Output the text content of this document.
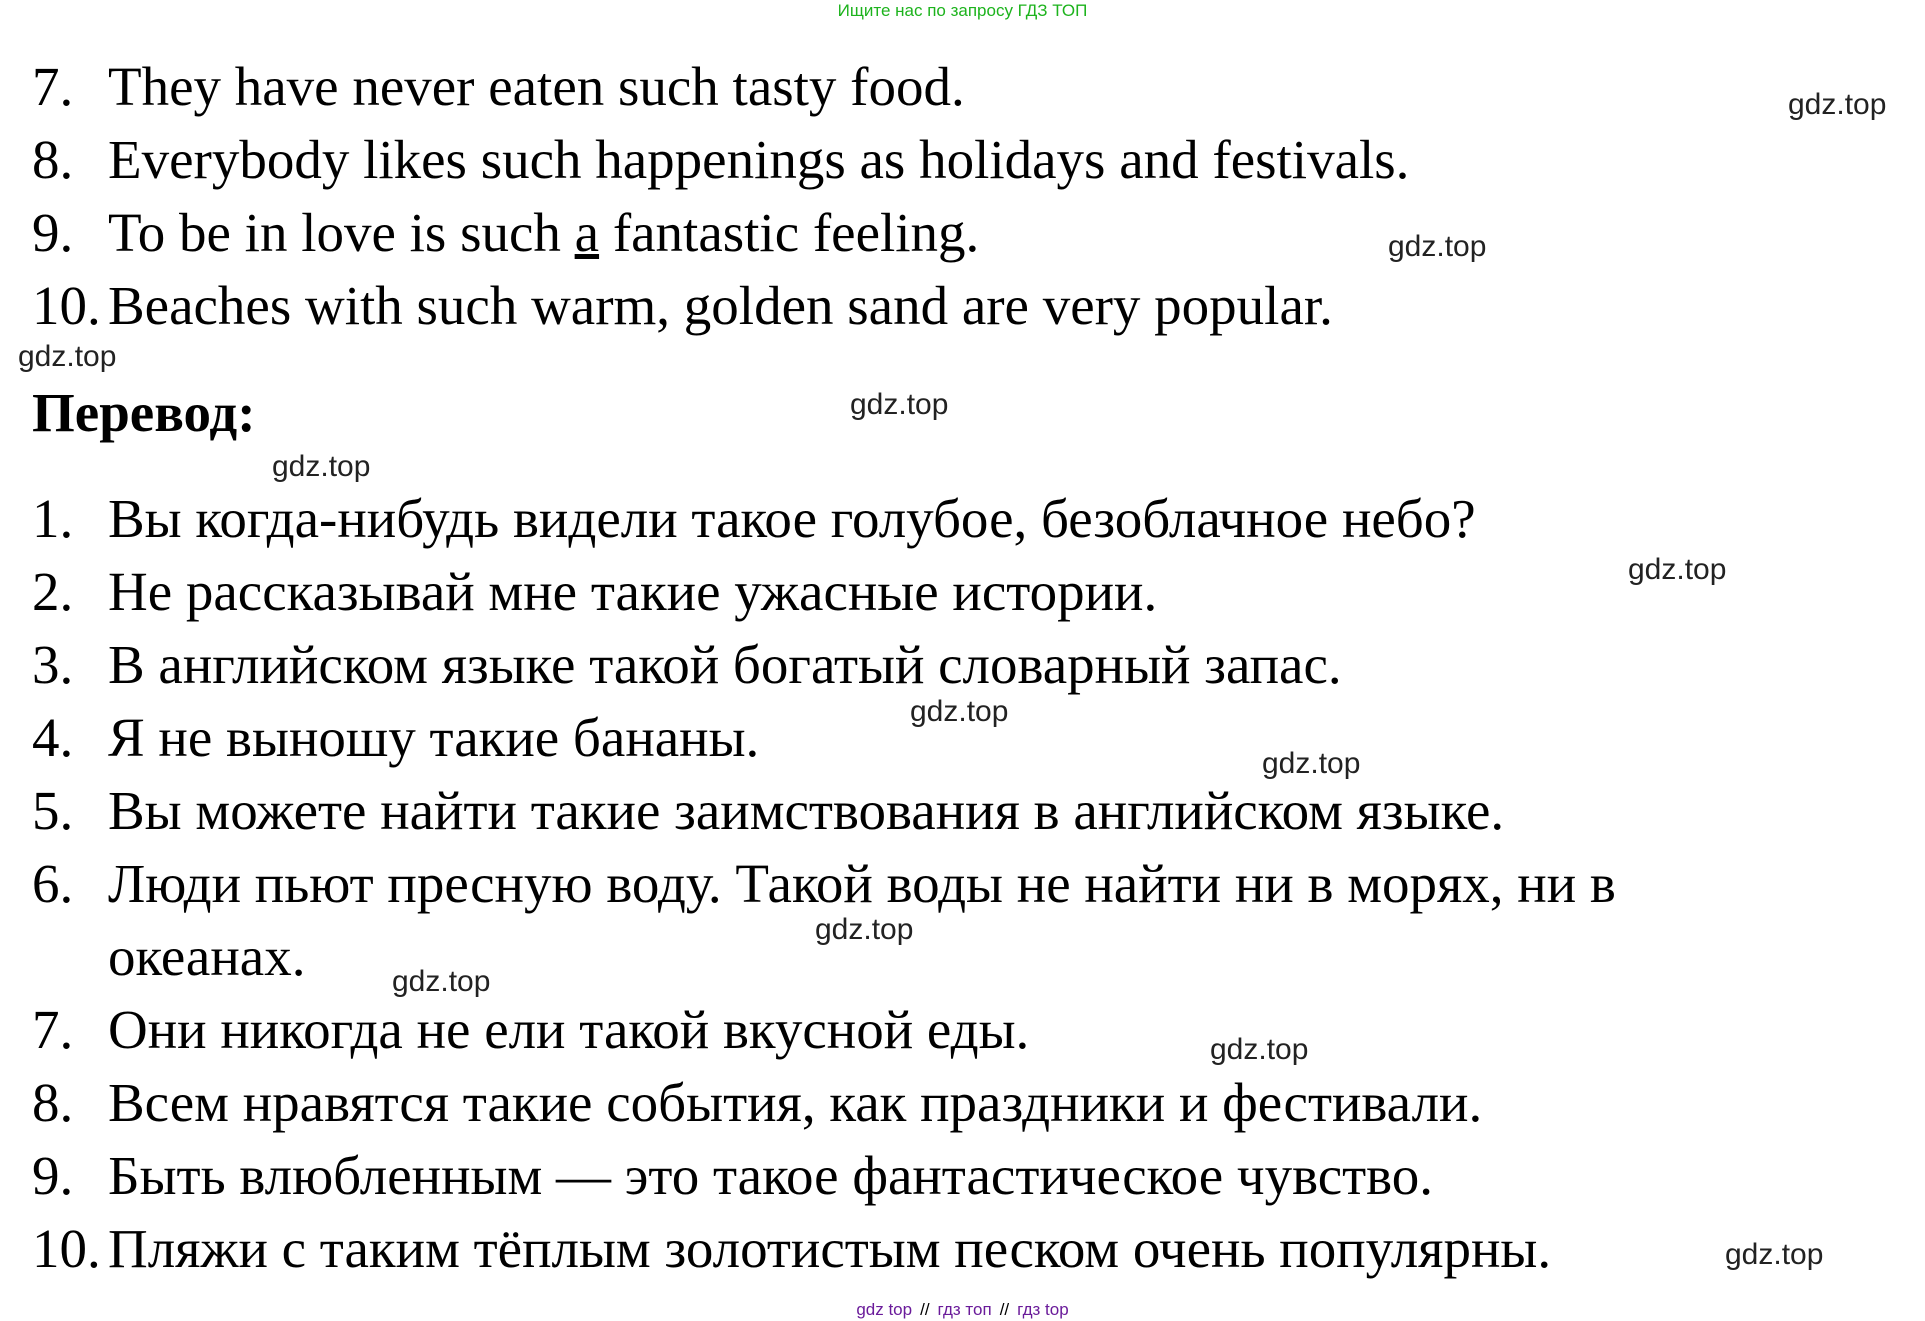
Ищите нас по запросу ГДЗ ТОП
7. They have never eaten such tasty food.
8. Everybody likes such happenings as holidays and festivals.
9. To be in love is such a fantastic feeling.
10. Beaches with such warm, golden sand are very popular.
Перевод:
1. Вы когда-нибудь видели такое голубое, безоблачное небо?
2. Не рассказывай мне такие ужасные истории.
3. В английском языке такой богатый словарный запас.
4. Я не выношу такие бананы.
5. Вы можете найти такие заимствования в английском языке.
6. Люди пьют пресную воду. Такой воды не найти ни в морях, ни в океанах.
7. Они никогда не ели такой вкусной еды.
8. Всем нравятся такие события, как праздники и фестивали.
9. Быть влюбленным — это такое фантастическое чувство.
10. Пляжи с таким тёплым золотистым песком очень популярны.
gdz.top
gdz.top
gdz.top
gdz.top
gdz.top
gdz.top
gdz.top
gdz.top
gdz.top
gdz.top
gdz.top
gdz.top
gdz top // гдз топ // гдз top
